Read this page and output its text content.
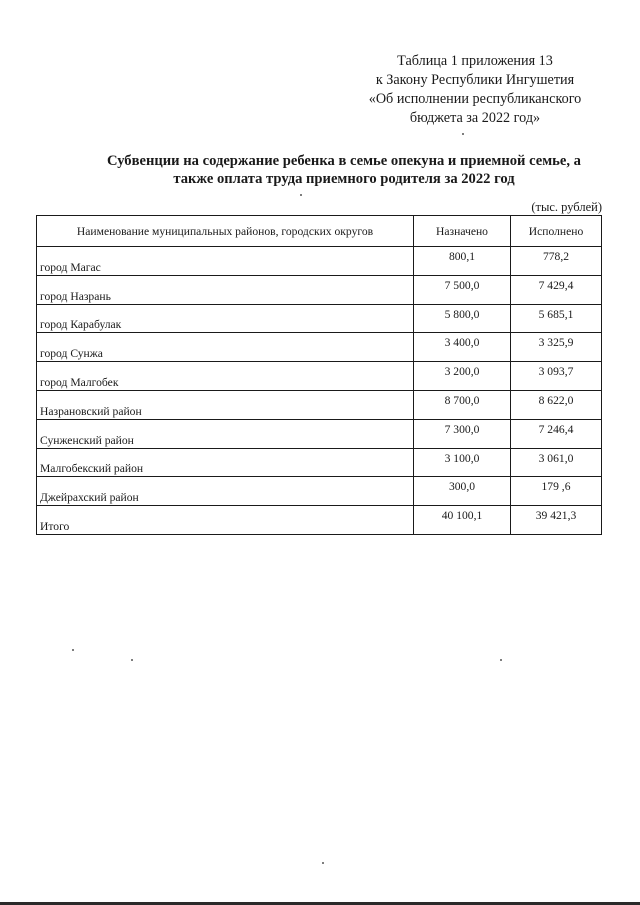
Таблица 1 приложения 13
к Закону Республики Ингушетия
«Об исполнении республиканского
бюджета за 2022 год»
Субвенции на содержание ребенка в семье опекуна и приемной семье, а
также оплата труда приемного родителя за 2022 год
(тыс. рублей)
Наименование муниципальных районов, городских округов	Назначено	Исполнено
город Магас	800,1	778,2
город Назрань	7 500,0	7 429,4
город Карабулак	5 800,0	5 685,1
город Сунжа	3 400,0	3 325,9
город Малгобек	3 200,0	3 093,7
Назрановский район	8 700,0	8 622,0
Сунженский район	7 300,0	7 246,4
Малгобекский район	3 100,0	3 061,0
Джейрахский район	300,0	179 ,6
Итого	40 100,1	39 421,3
